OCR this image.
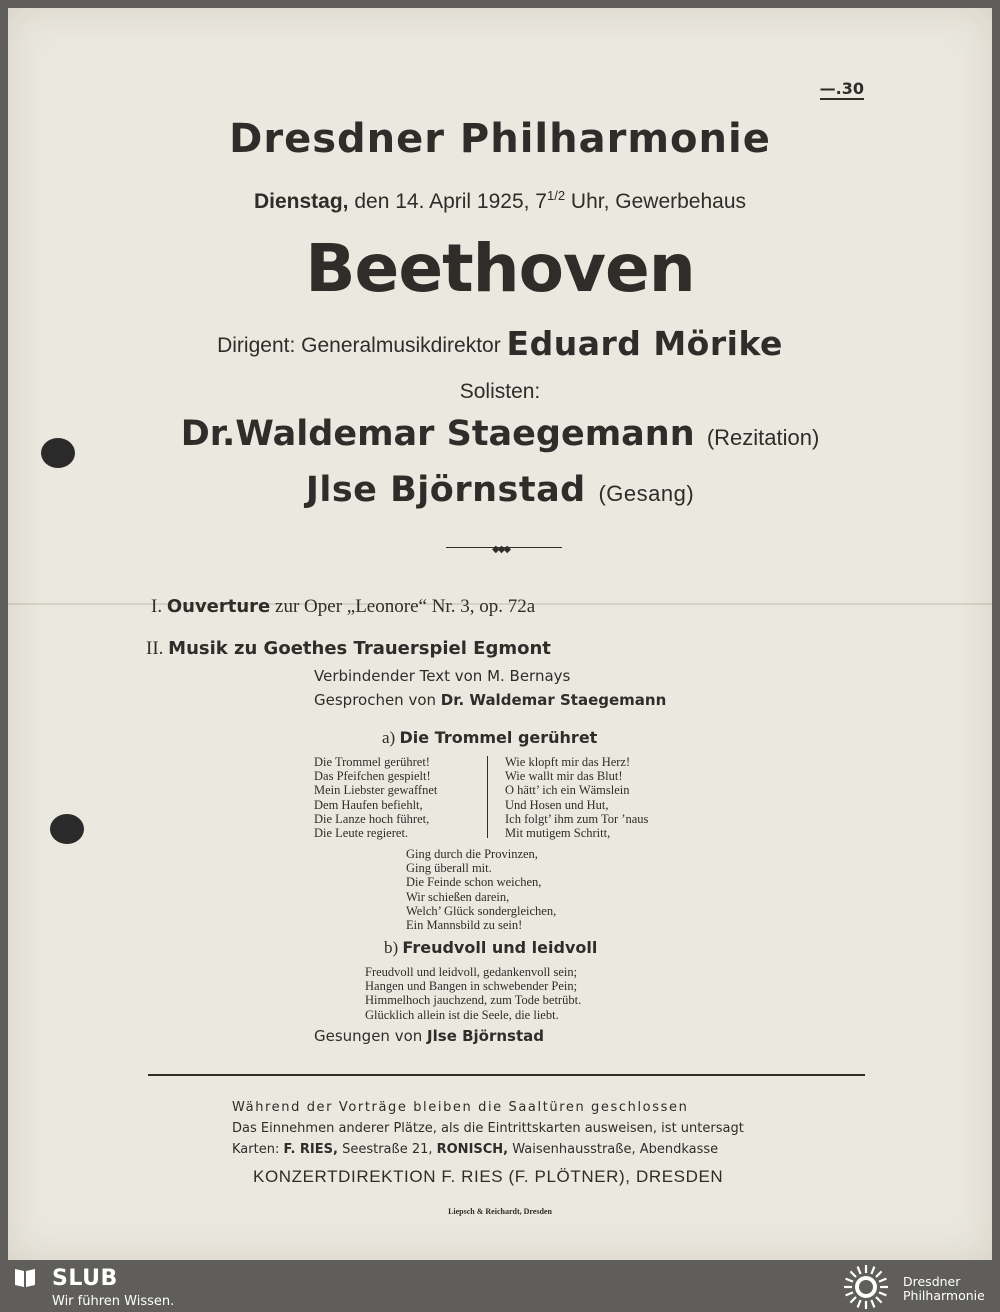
—.30
Dresdner Philharmonie
Dienstag, den 14. April 1925, $7^{1/2}$ Uhr, Gewerbehaus
Beethoven
Dirigent: Generalmusikdirektor Eduard Mörike
Solisten:
Dr.Waldemar Staegemann (Rezitation)
Jlse Björnstad (Gesang)
◆◆◆
I. Ouverture zur Oper „Leonore“ Nr. 3, op. 72a
II. Musik zu Goethes Trauerspiel Egmont
Verbindender Text von M. Bernays
Gesprochen von Dr. Waldemar Staegemann
a) Die Trommel gerühret
Die Trommel gerühret!
Das Pfeifchen gespielt!
Mein Liebster gewaffnet
Dem Haufen befiehlt,
Die Lanze hoch führet,
Die Leute regieret.
Wie klopft mir das Herz!
Wie wallt mir das Blut!
O hätt’ ich ein Wämslein
Und Hosen und Hut,
Ich folgt’ ihm zum Tor ’naus
Mit mutigem Schritt,
Ging durch die Provinzen,
Ging überall mit.
Die Feinde schon weichen,
Wir schießen darein,
Welch’ Glück sondergleichen,
Ein Mannsbild zu sein!
b) Freudvoll und leidvoll
Freudvoll und leidvoll, gedankenvoll sein;
Hangen und Bangen in schwebender Pein;
Himmelhoch jauchzend, zum Tode betrübt.
Glücklich allein ist die Seele, die liebt.
Gesungen von Jlse Björnstad
Während der Vorträge bleiben die Saaltüren geschlossen
Das Einnehmen anderer Plätze, als die Eintrittskarten ausweisen, ist untersagt
Karten: F. RIES, Seestraße 21, RONISCH, Waisenhausstraße, Abendkasse
KONZERTDIREKTION F. RIES (F. PLÖTNER), DRESDEN
Liepsch & Reichardt, Dresden
SLUB
Wir führen Wissen.
Dresdner
Philharmonie
